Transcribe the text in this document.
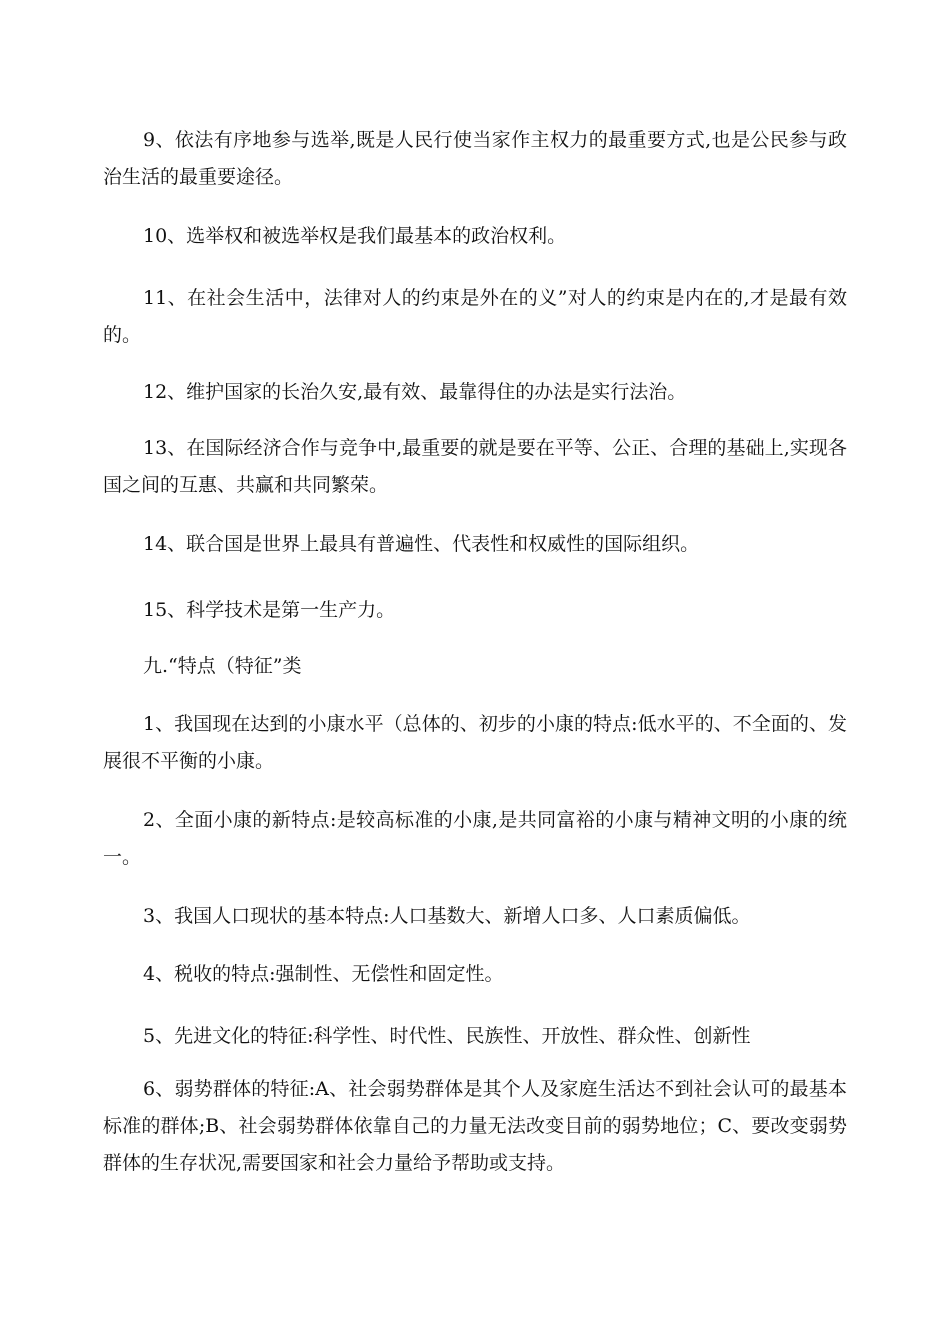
9、依法有序地参与选举,既是人民行使当家作主权力的最重要方式,也是公民参与政治生活的最重要途径。

10、选举权和被选举权是我们最基本的政治权利。

11、在社会生活中，法律对人的约束是外在的义”对人的约束是内在的,才是最有效的。

12、维护国家的长治久安,最有效、最靠得住的办法是实行法治。

13、在国际经济合作与竞争中,最重要的就是要在平等、公正、合理的基础上,实现各国之间的互惠、共赢和共同繁荣。

14、联合国是世界上最具有普遍性、代表性和权威性的国际组织。

15、科学技术是第一生产力。

九.“特点（特征”类

1、我国现在达到的小康水平（总体的、初步的小康的特点:低水平的、不全面的、发展很不平衡的小康。

2、全面小康的新特点:是较高标准的小康,是共同富裕的小康与精神文明的小康的统一。

3、我国人口现状的基本特点:人口基数大、新增人口多、人口素质偏低。

4、税收的特点:强制性、无偿性和固定性。

5、先进文化的特征:科学性、时代性、民族性、开放性、群众性、创新性

6、弱势群体的特征:A、社会弱势群体是其个人及家庭生活达不到社会认可的最基本标准的群体;B、社会弱势群体依靠自己的力量无法改变目前的弱势地位；C、要改变弱势群体的生存状况,需要国家和社会力量给予帮助或支持。
